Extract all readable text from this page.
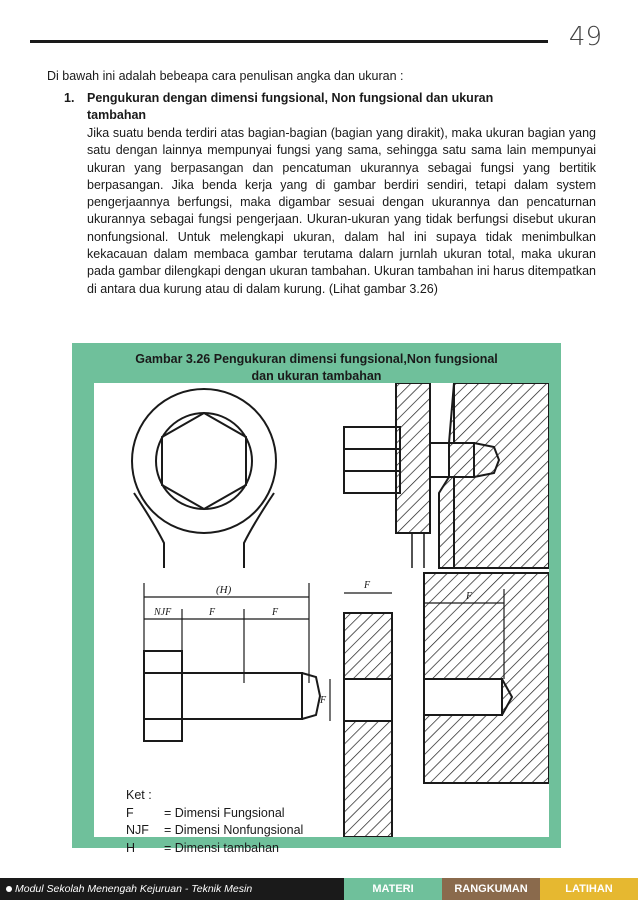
49
Di bawah ini adalah bebeapa cara penulisan angka dan ukuran :
1.	Pengukuran dengan dimensi fungsional, Non fungsional dan ukuran
tambahan
Jika suatu benda terdiri atas bagian-bagian (bagian yang dirakit), maka ukuran bagian yang satu dengan lainnya mempunyai fungsi yang sama, sehingga satu sama lain mempunyai ukuran yang berpasangan dan pencatuman ukurannya sebagai fungsi yang bertitik berpasangan. Jika benda kerja yang di gambar berdiri sendiri, tetapi dalam system pengerjaannya berfungsi, maka digambar sesuai dengan ukurannya dan pencaturnan ukurannya sebagai fungsi pengerjaan. Ukuran-ukuran yang tidak berfungsi disebut ukuran nonfungsional. Untuk melengkapi ukuran, dalam hal ini supaya tidak menimbulkan kekacauan dalam membaca gambar terutama dalarn jurnlah ukuran total, maka ukuran pada gambar dilengkapi dengan ukuran tambahan. Ukuran tambahan ini harus ditempatkan di antara dua kurung atau di dalam kurung. (Lihat gambar 3.26)
Gambar 3.26 Pengukuran dimensi fungsional,Non fungsional
dan ukuran tambahan
(H)
NJF	F	F
F
F
F
Ket :
F	= Dimensi Fungsional
NJF	= Dimensi Nonfungsional
H	= Dimensi tambahan
Modul Sekolah Menengah Kejuruan - Teknik Mesin	MATERI	RANGKUMAN	LATIHAN
